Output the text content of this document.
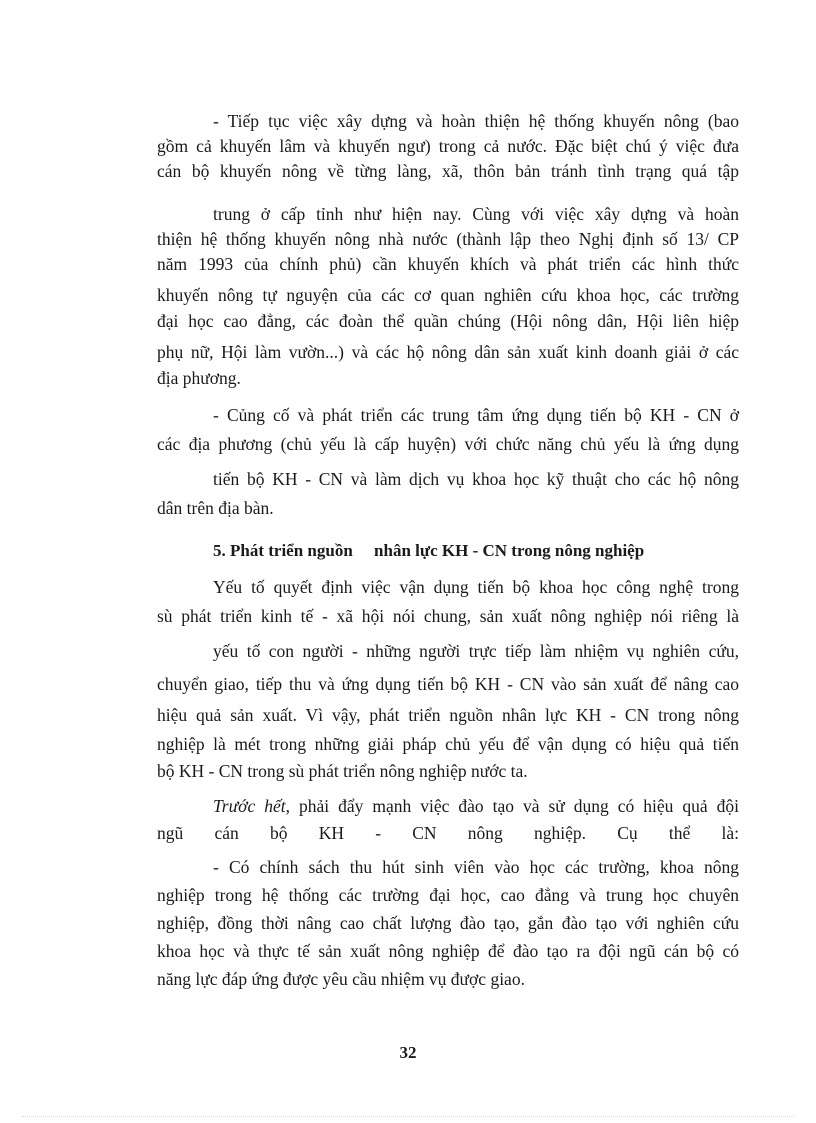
- Tiếp tục việc xây dựng và hoàn thiện hệ thống khuyến nông (bao
gồm cả khuyến lâm và khuyến ngư) trong cả nước. Đặc biệt chú ý việc đưa
cán bộ khuyến nông về từng làng, xã, thôn bản tránh tình trạng quá tập
trung ở cấp tỉnh như hiện nay. Cùng với việc xây dựng và hoàn
thiện hệ thống khuyến nông nhà nước (thành lập theo Nghị định số 13/ CP
năm 1993 của chính phủ) cần khuyến khích và phát triển các hình thức
khuyến nông tự nguyện của các cơ quan nghiên cứu khoa học, các trường
đại học cao đẳng, các đoàn thể quần chúng (Hội nông dân, Hội liên hiệp
phụ nữ, Hội làm vườn...) và các hộ nông dân sản xuất kinh doanh giải ở các
địa phương.
- Củng cố và phát triển các trung tâm ứng dụng tiến bộ KH - CN ở
các địa phương (chủ yếu là cấp huyện) với chức năng chủ yếu là ứng dụng
tiến bộ KH - CN và làm dịch vụ khoa học kỹ thuật cho các hộ nông
dân trên địa bàn.
5. Phát triển nguồn     nhân lực KH - CN trong nông nghiệp
Yếu tố quyết định việc vận dụng tiến bộ khoa học công nghệ trong
sù phát triển kinh tế - xã hội nói chung, sản xuất nông nghiệp nói riêng là
yếu tố con người - những người trực tiếp làm nhiệm vụ nghiên cứu,
chuyển giao, tiếp thu và ứng dụng tiến bộ KH - CN vào sản xuất để nâng cao
hiệu quả sản xuất. Vì vậy, phát triển nguồn nhân lực KH - CN trong nông
nghiệp là mét trong những giải pháp chủ yếu để vận dụng có hiệu quả tiến
bộ KH - CN trong sù phát triển nông nghiệp nước ta.
Trước hết, phải đẩy mạnh việc đào tạo và sử dụng có hiệu quả đội
ngũ cán bộ KH - CN nông nghiệp. Cụ thể là:
- Có chính sách thu hút sinh viên vào học các trường, khoa nông
nghiệp trong hệ thống các trường đại học, cao đẳng và trung học chuyên
nghiệp, đồng thời nâng cao chất lượng đào tạo, gắn đào tạo với nghiên cứu
khoa học và thực tế sản xuất nông nghiệp để đào tạo ra đội ngũ cán bộ có
năng lực đáp ứng được yêu cầu nhiệm vụ được giao.
32
